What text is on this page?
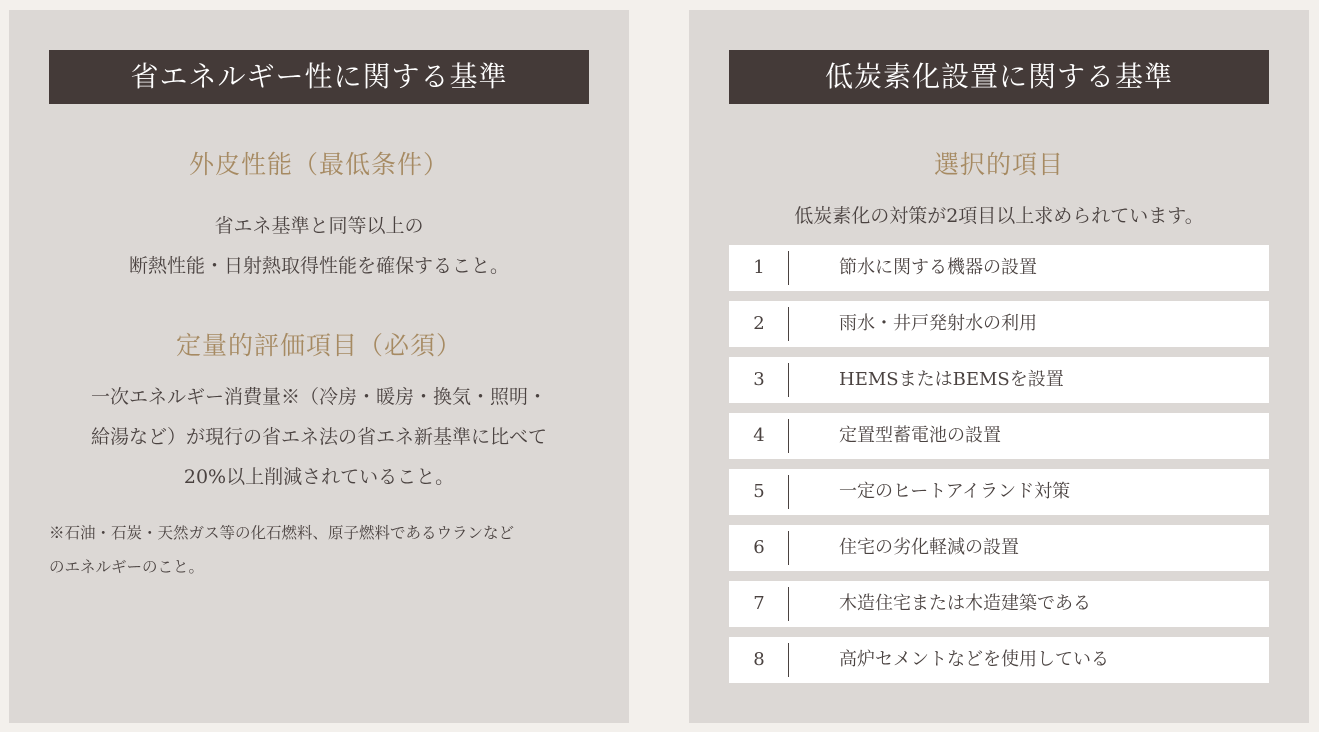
省エネルギー性に関する基準
外皮性能（最低条件）
省エネ基準と同等以上の
断熱性能・日射熱取得性能を確保すること。
定量的評価項目（必須）
一次エネルギー消費量※（冷房・暖房・換気・照明・
給湯など）が現行の省エネ法の省エネ新基準に比べて
20%以上削減されていること。
※石油・石炭・天然ガス等の化石燃料、原子燃料であるウランなど
のエネルギーのこと。
低炭素化設置に関する基準
選択的項目
低炭素化の対策が2項目以上求められています。
1	節水に関する機器の設置
2	雨水・井戸発射水の利用
3	HEMSまたはBEMSを設置
4	定置型蓄電池の設置
5	一定のヒートアイランド対策
6	住宅の劣化軽減の設置
7	木造住宅または木造建築である
8	高炉セメントなどを使用している
